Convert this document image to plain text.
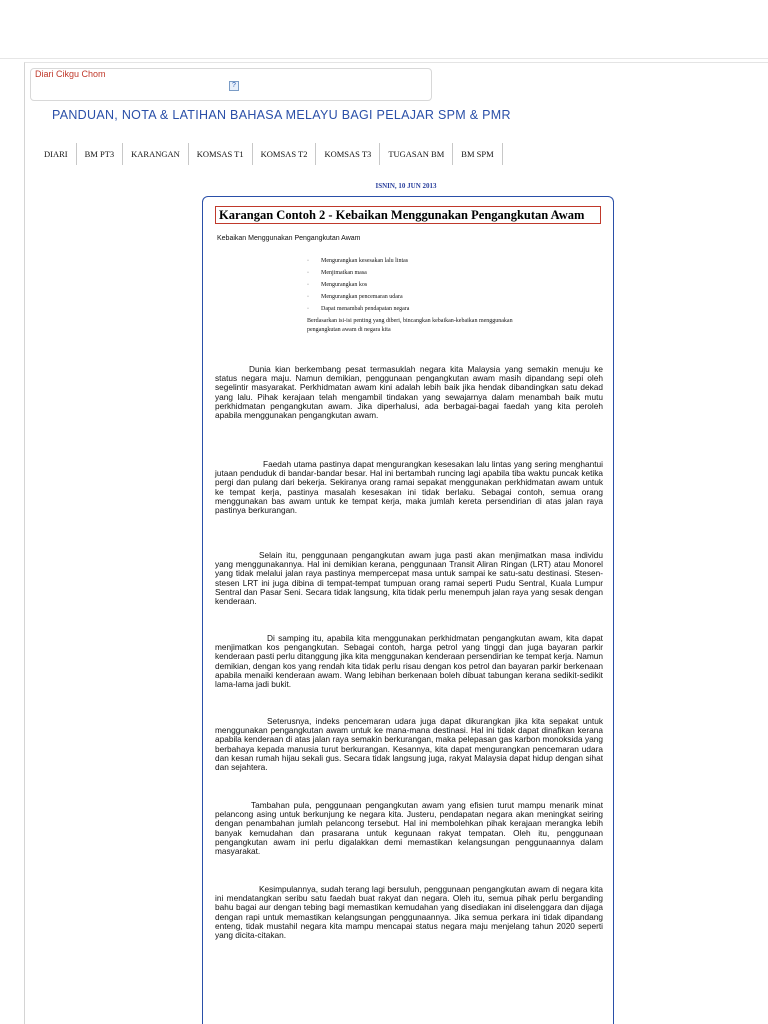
Diari Cikgu Chom
?
PANDUAN, NOTA & LATIHAN BAHASA MELAYU BAGI PELAJAR SPM & PMR
DIARI	BM PT3	KARANGAN	KOMSAS T1	KOMSAS T2	KOMSAS T3	TUGASAN BM	BM SPM
ISNIN, 10 JUN 2013
Karangan Contoh 2 - Kebaikan Menggunakan Pengangkutan Awam
Kebaikan Menggunakan Pengangkutan Awam
·	Mengurangkan kesesakan lalu lintas
·	Menjimatkan masa
·	Mengurangkan kos
·	Mengurangkan pencemaran udara
·	Dapat menambah pendapatan negara
Berdasarkan isi-isi penting yang diberi, bincangkan kebaikan-kebaikan menggunakan pengangkutan awam di negara kita

Dunia kian berkembang pesat termasuklah negara kita Malaysia yang semakin menuju ke status negara maju. Namun demikian, penggunaan pengangkutan awam masih dipandang sepi oleh segelintir masyarakat. Perkhidmatan awam kini adalah lebih baik jika hendak dibandingkan satu dekad yang lalu. Pihak kerajaan telah mengambil tindakan yang sewajarnya dalam menambah baik mutu perkhidmatan pengangkutan awam. Jika diperhalusi, ada berbagai-bagai faedah yang kita peroleh apabila menggunakan pengangkutan awam.

Faedah utama pastinya dapat mengurangkan kesesakan lalu lintas yang sering menghantui jutaan penduduk di bandar-bandar besar. Hal ini bertambah runcing lagi apabila tiba waktu puncak ketika pergi dan pulang dari bekerja. Sekiranya orang ramai sepakat menggunakan perkhidmatan awam untuk ke tempat kerja, pastinya masalah kesesakan ini tidak berlaku. Sebagai contoh, semua orang menggunakan bas awam untuk ke tempat kerja, maka jumlah kereta persendirian di atas jalan raya pastinya berkurangan.

Selain itu, penggunaan pengangkutan awam juga pasti akan menjimatkan masa individu yang menggunakannya. Hal ini demikian kerana, penggunaan Transit Aliran Ringan (LRT) atau Monorel yang tidak melalui jalan raya pastinya mempercepat masa untuk sampai ke satu-satu destinasi. Stesen-stesen LRT ini juga dibina di tempat-tempat tumpuan orang ramai seperti Pudu Sentral, Kuala Lumpur Sentral dan Pasar Seni. Secara tidak langsung, kita tidak perlu menempuh jalan raya yang sesak dengan kenderaan.

Di samping itu, apabila kita menggunakan perkhidmatan pengangkutan awam, kita dapat menjimatkan kos pengangkutan. Sebagai contoh, harga petrol yang tinggi dan juga bayaran parkir kenderaan pasti perlu ditanggung jika kita menggunakan kenderaan persendirian ke tempat kerja. Namun demikian, dengan kos yang rendah kita tidak perlu risau dengan kos petrol dan bayaran parkir berkenaan apabila menaiki kenderaan awam. Wang lebihan berkenaan boleh dibuat tabungan kerana sedikit-sedikit lama-lama jadi bukit.

Seterusnya, indeks pencemaran udara juga dapat dikurangkan jika kita sepakat untuk menggunakan pengangkutan awam untuk ke mana-mana destinasi. Hal ini tidak dapat dinafikan kerana apabila kenderaan di atas jalan raya semakin berkurangan, maka pelepasan gas karbon monoksida yang berbahaya kepada manusia turut berkurangan. Kesannya, kita dapat mengurangkan pencemaran udara dan kesan rumah hijau sekali gus. Secara tidak langsung juga, rakyat Malaysia dapat hidup dengan sihat dan sejahtera.

Tambahan pula, penggunaan pengangkutan awam yang efisien turut mampu menarik minat pelancong asing untuk berkunjung ke negara kita. Justeru, pendapatan negara akan meningkat seiring dengan penambahan jumlah pelancong tersebut. Hal ini membolehkan pihak kerajaan merangka lebih banyak kemudahan dan prasarana untuk kegunaan rakyat tempatan. Oleh itu, penggunaan pengangkutan awam ini perlu digalakkan demi memastikan kelangsungan penggunaannya dalam masyarakat.

Kesimpulannya, sudah terang lagi bersuluh, penggunaan pengangkutan awam di negara kita ini mendatangkan seribu satu faedah buat rakyat dan negara. Oleh itu, semua pihak perlu berganding bahu bagai aur dengan tebing bagi memastikan kemudahan yang disediakan ini diselenggara dan dijaga dengan rapi untuk memastikan kelangsungan penggunaannya. Jika semua perkara ini tidak dipandang enteng, tidak mustahil negara kita mampu mencapai status negara maju menjelang tahun 2020 seperti yang dicita-citakan.
